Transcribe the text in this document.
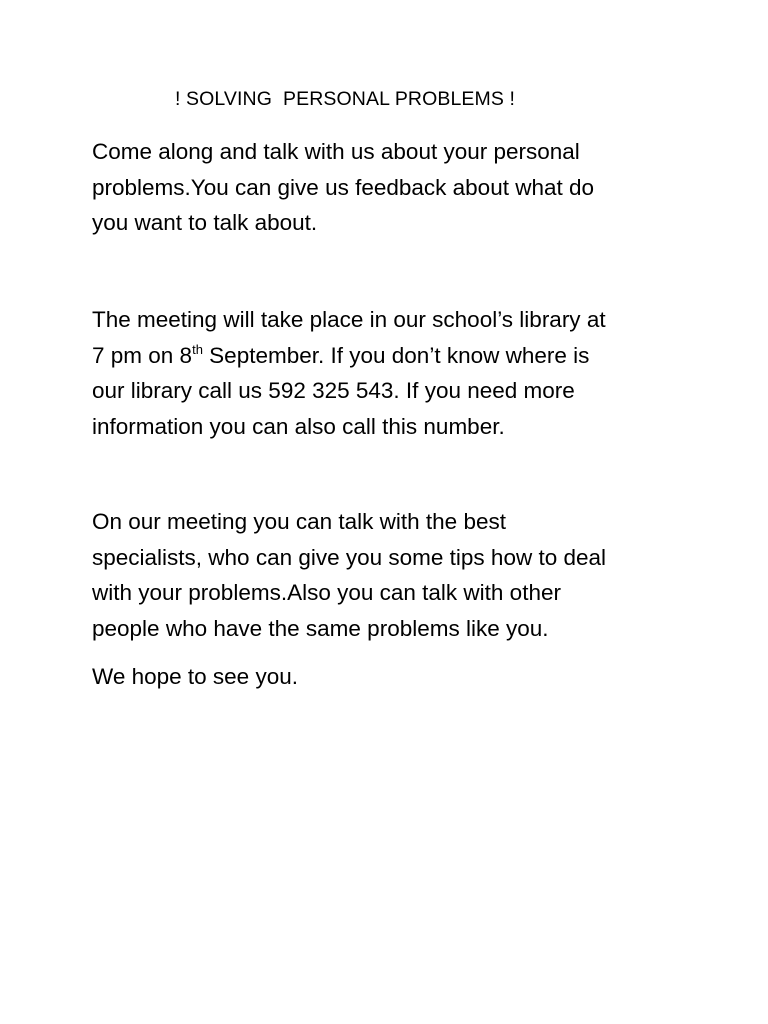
! SOLVING  PERSONAL PROBLEMS !

Come along and talk with us about your personal
problems.You can give us feedback about what do
you want to talk about.

The meeting will take place in our school’s library at
7 pm on 8th September. If you don’t know where is
our library call us 592 325 543. If you need more
information you can also call this number.

On our meeting you can talk with the best
specialists, who can give you some tips how to deal
with your problems.Also you can talk with other
people who have the same problems like you.

We hope to see you.
